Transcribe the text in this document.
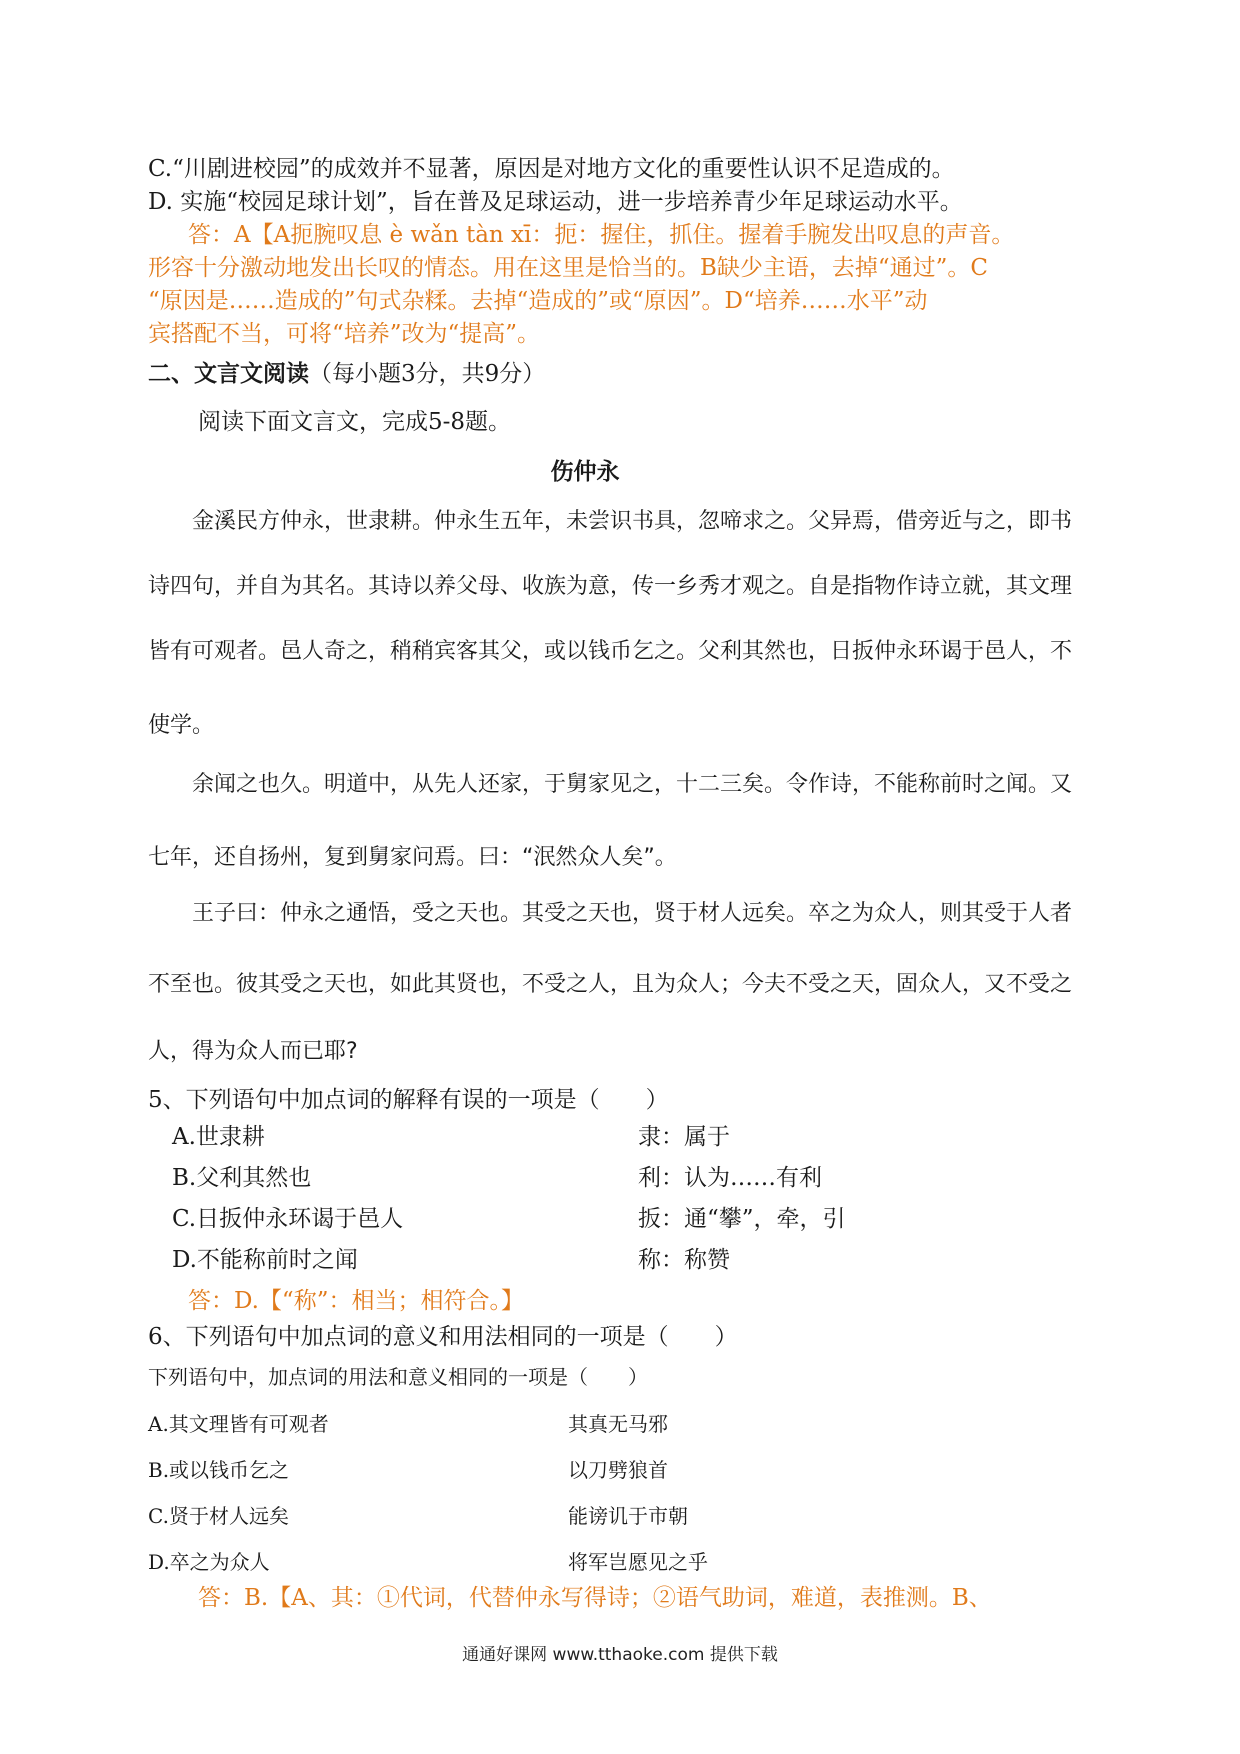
C.“川剧进校园”的成效并不显著，原因是对地方文化的重要性认识不足造成的。
D. 实施“校园足球计划”，旨在普及足球运动，进一步培养青少年足球运动水平。
答：A【A扼腕叹息 è wǎn tàn xī：扼：握住，抓住。握着手腕发出叹息的声音。
形容十分激动地发出长叹的情态。用在这里是恰当的。B缺少主语，去掉“通过”。C
“原因是……造成的”句式杂糅。去掉“造成的”或“原因”。D“培养……水平”动
宾搭配不当，可将“培养”改为“提高”。
二、文言文阅读（每小题3分，共9分）
阅读下面文言文，完成5-8题。
伤仲永
金溪民方仲永，世隶耕。仲永生五年，未尝识书具，忽啼求之。父异焉，借旁近与之，即书
诗四句，并自为其名。其诗以养父母、收族为意，传一乡秀才观之。自是指物作诗立就，其文理
皆有可观者。邑人奇之，稍稍宾客其父，或以钱币乞之。父利其然也，日扳仲永环谒于邑人，不
使学。
余闻之也久。明道中，从先人还家，于舅家见之，十二三矣。令作诗，不能称前时之闻。又
七年，还自扬州，复到舅家问焉。曰：“泯然众人矣”。
王子曰：仲永之通悟，受之天也。其受之天也，贤于材人远矣。卒之为众人，则其受于人者
不至也。彼其受之天也，如此其贤也，不受之人，且为众人；今夫不受之天，固众人，又不受之
人，得为众人而已耶?
5、下列语句中加点词的解释有误的一项是（　　）
A.世隶耕	隶：属于
B.父利其然也	利：认为……有利
C.日扳仲永环谒于邑人	扳：通“攀”，牵，引
D.不能称前时之闻	称：称赞
答：D.【“称”：相当；相符合。】
6、下列语句中加点词的意义和用法相同的一项是（　　）
下列语句中，加点词的用法和意义相同的一项是（　　）
A.其文理皆有可观者	其真无马邪
B.或以钱币乞之	以刀劈狼首
C.贤于材人远矣	能谤讥于市朝
D.卒之为众人	将军岂愿见之乎
答：B.【A、其：①代词，代替仲永写得诗；②语气助词，难道，表推测。B、
通通好课网 www.tthaoke.com 提供下载
